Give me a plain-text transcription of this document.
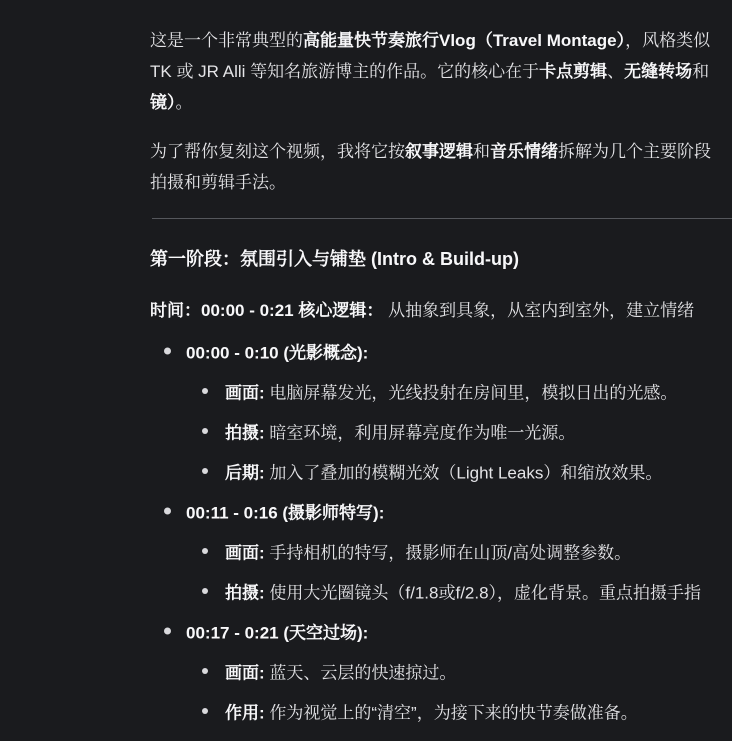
这是一个非常典型的高能量快节奏旅行Vlog（Travel Montage），风格类似
TK 或 JR Alli 等知名旅游博主的作品。它的核心在于卡点剪辑、无缝转场和
镜）。
为了帮你复刻这个视频，我将它按叙事逻辑和音乐情绪拆解为几个主要阶段
拍摄和剪辑手法。
第一阶段：氛围引入与铺垫 (Intro & Build-up)
时间：00:00 - 0:21 核心逻辑： 从抽象到具象，从室内到室外，建立情绪
00:00 - 0:10 (光影概念):
画面: 电脑屏幕发光，光线投射在房间里，模拟日出的光感。
拍摄: 暗室环境，利用屏幕亮度作为唯一光源。
后期: 加入了叠加的模糊光效（Light Leaks）和缩放效果。
00:11 - 0:16 (摄影师特写):
画面: 手持相机的特写，摄影师在山顶/高处调整参数。
拍摄: 使用大光圈镜头（f/1.8或f/2.8），虚化背景。重点拍摄手指
00:17 - 0:21 (天空过场):
画面: 蓝天、云层的快速掠过。
作用: 作为视觉上的“清空”，为接下来的快节奏做准备。
